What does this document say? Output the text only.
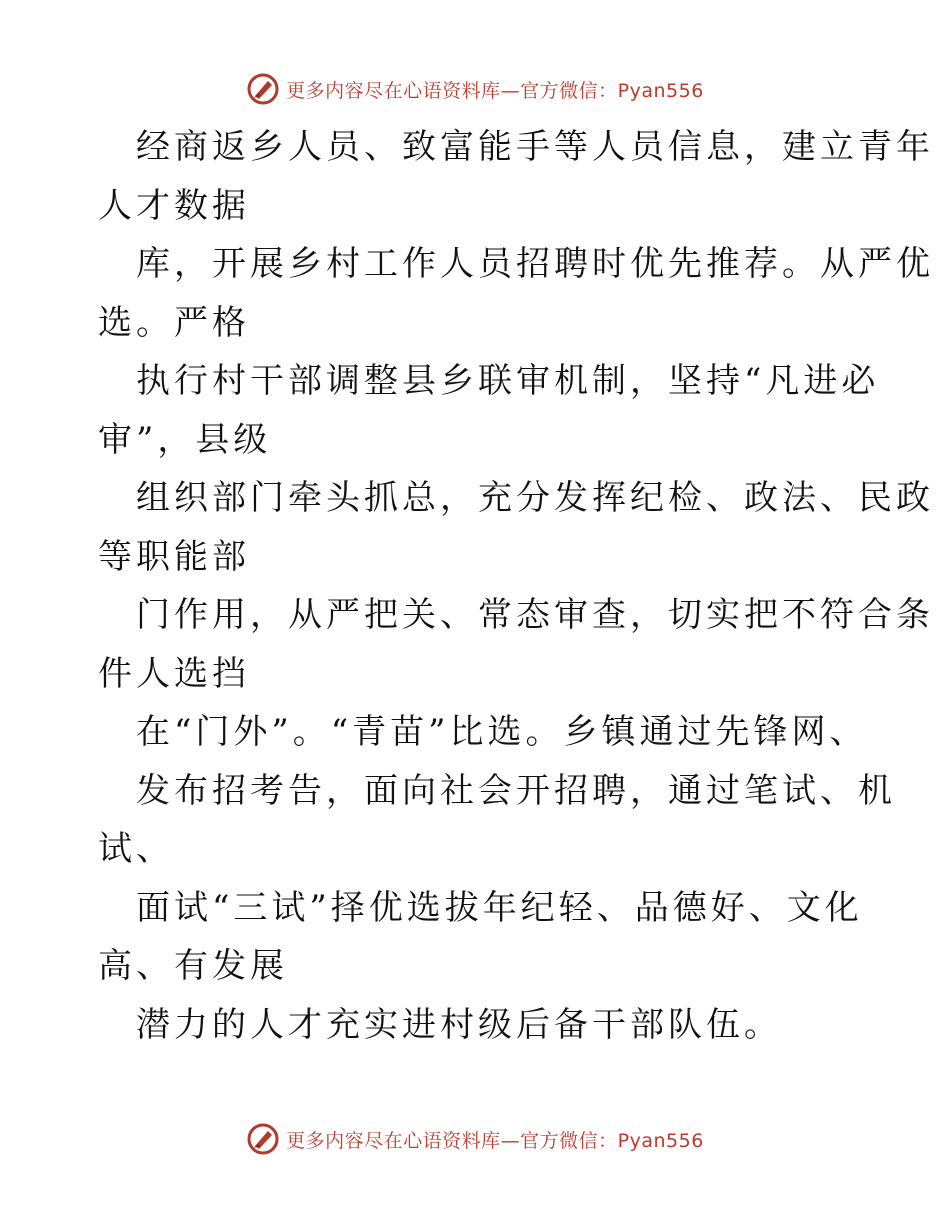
更多内容尽在心语资料库—官方微信：Pyan556
经商返乡人员、致富能手等人员信息，建立青年
人才数据
库，开展乡村工作人员招聘时优先推荐。从严优
选。严格
执行村干部调整县乡联审机制，坚持“凡进必
审”，县级
组织部门牵头抓总，充分发挥纪检、政法、民政
等职能部
门作用，从严把关、常态审查，切实把不符合条
件人选挡
在“门外”。“青苗”比选。乡镇通过先锋网、
发布招考告，面向社会开招聘，通过笔试、机
试、
面试“三试”择优选拔年纪轻、品德好、文化
高、有发展
潜力的人才充实进村级后备干部队伍。
更多内容尽在心语资料库—官方微信：Pyan556
